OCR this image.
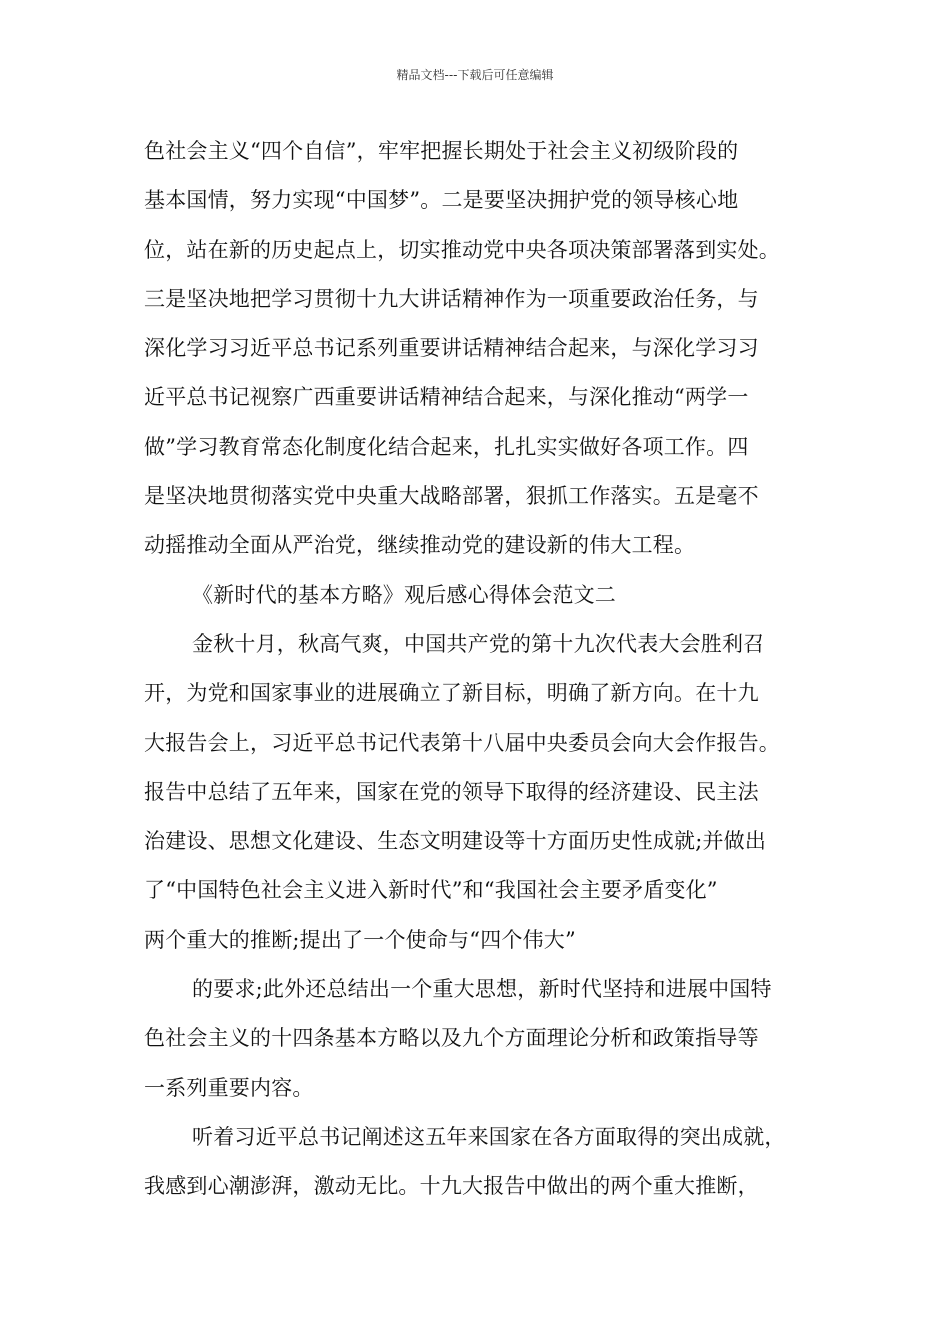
精品文档---下载后可任意编辑
色社会主义“四个自信”，牢牢把握长期处于社会主义初级阶段的
基本国情，努力实现“中国梦”。二是要坚决拥护党的领导核心地
位，站在新的历史起点上，切实推动党中央各项决策部署落到实处。
三是坚决地把学习贯彻十九大讲话精神作为一项重要政治任务，与
深化学习习近平总书记系列重要讲话精神结合起来，与深化学习习
近平总书记视察广西重要讲话精神结合起来，与深化推动“两学一
做”学习教育常态化制度化结合起来，扎扎实实做好各项工作。四
是坚决地贯彻落实党中央重大战略部署，狠抓工作落实。五是毫不
动摇推动全面从严治党，继续推动党的建设新的伟大工程。
《新时代的基本方略》观后感心得体会范文二
金秋十月，秋高气爽，中国共产党的第十九次代表大会胜利召
开，为党和国家事业的进展确立了新目标，明确了新方向。在十九
大报告会上，习近平总书记代表第十八届中央委员会向大会作报告。
报告中总结了五年来，国家在党的领导下取得的经济建设、民主法
治建设、思想文化建设、生态文明建设等十方面历史性成就;并做出
了“中国特色社会主义进入新时代”和“我国社会主要矛盾变化”
两个重大的推断;提出了一个使命与“四个伟大”
的要求;此外还总结出一个重大思想，新时代坚持和进展中国特
色社会主义的十四条基本方略以及九个方面理论分析和政策指导等
一系列重要内容。
听着习近平总书记阐述这五年来国家在各方面取得的突出成就，
我感到心潮澎湃，激动无比。十九大报告中做出的两个重大推断，
